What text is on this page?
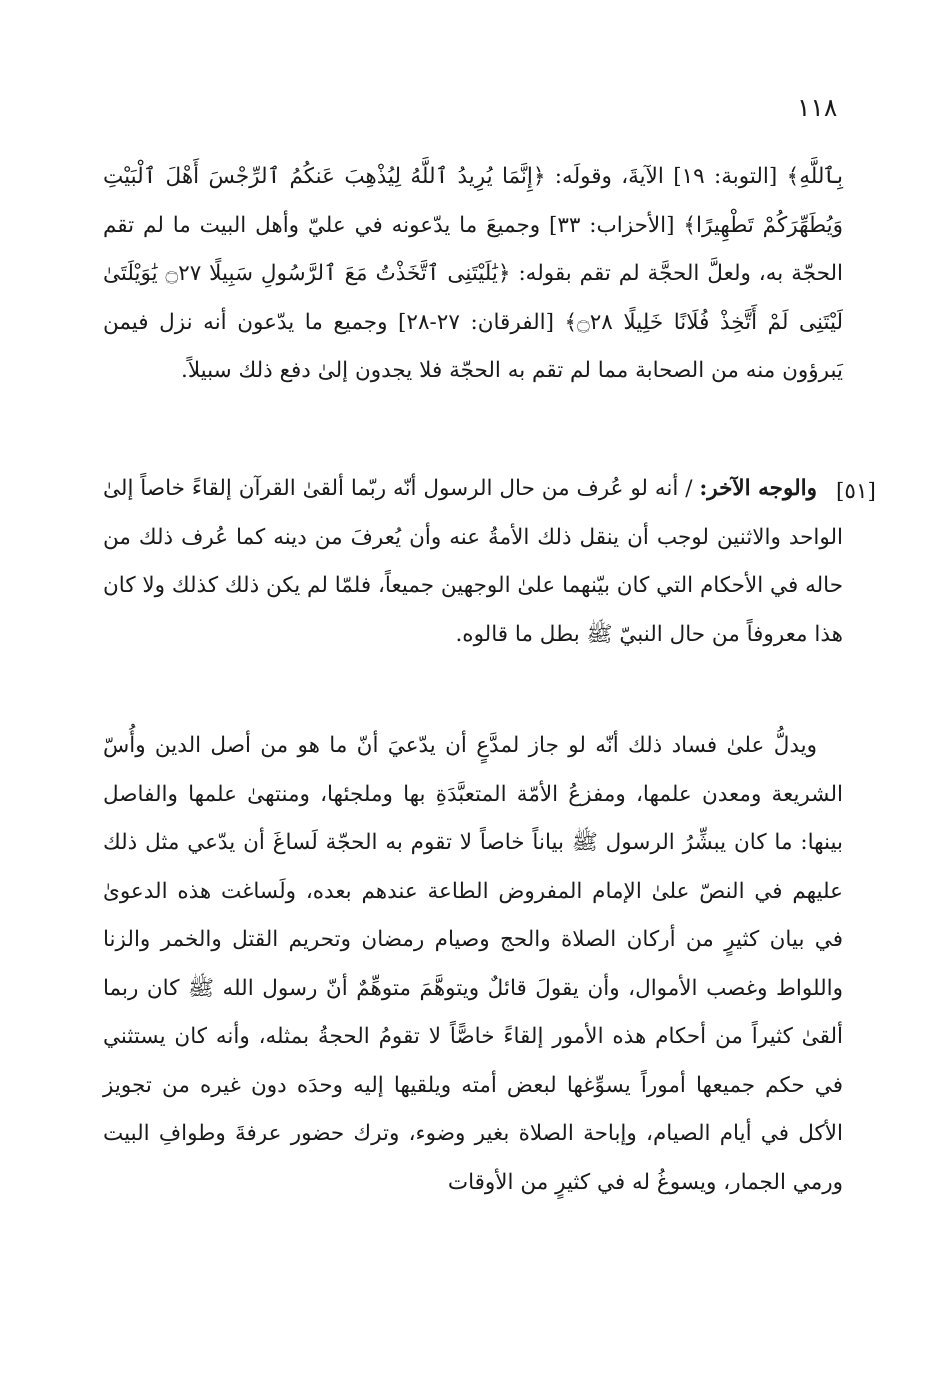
١١٨

بِٱللَّهِ﴾ [التوبة: ١٩] الآيةَ، وقولَه: ﴿إِنَّمَا يُرِيدُ ٱللَّهُ لِيُذْهِبَ عَنكُمُ ٱلرِّجْسَ أَهْلَ ٱلْبَيْتِ وَيُطَهِّرَكُمْ تَطْهِيرًا﴾ [الأحزاب: ٣٣] وجميعَ ما يدّعونه في عليّ وأهل البيت ما لم تقم الحجّة به، ولعلَّ الحجَّة لم تقم بقوله: ﴿يَٰلَيْتَنِى ٱتَّخَذْتُ مَعَ ٱلرَّسُولِ سَبِيلًا ۝٢٧ يَٰوَيْلَتَىٰ لَيْتَنِى لَمْ أَتَّخِذْ فُلَانًا خَلِيلًا ۝٢٨﴾ [الفرقان: ٢٧-٢٨] وجميع ما يدّعون أنه نزل فيمن يَبرؤون منه من الصحابة مما لم تقم به الحجّة فلا يجدون إلىٰ دفع ذلك سبيلاً.

[٥١]

والوجه الآخر: / أنه لو عُرف من حال الرسول أنّه ربّما ألقىٰ القرآن إلقاءً خاصاً إلىٰ الواحد والاثنين لوجب أن ينقل ذلك الأمةُ عنه وأن يُعرفَ من دينه كما عُرف ذلك من حاله في الأحكام التي كان بيّنهما علىٰ الوجهين جميعاً، فلمّا لم يكن ذلك كذلك ولا كان هذا معروفاً من حال النبيّ ﷺ بطل ما قالوه.

ويدلُّ علىٰ فساد ذلك أنّه لو جاز لمدَّعٍ أن يدّعيَ أنّ ما هو من أصل الدين وأُسّ الشريعة ومعدن علمها، ومفزعُ الأمّة المتعبَّدَةِ بها وملجئها، ومنتهىٰ علمها والفاصل بينها: ما كان يبشِّرُ الرسول ﷺ بياناً خاصاً لا تقوم به الحجّة لَساغَ أن يدّعي مثل ذلك عليهم في النصّ علىٰ الإمام المفروض الطاعة عندهم بعده، ولَساغت هذه الدعوىٰ في بيان كثيرٍ من أركان الصلاة والحج وصيام رمضان وتحريم القتل والخمر والزنا واللواط وغصب الأموال، وأن يقولَ قائلٌ ويتوهَّمَ متوهِّمٌ أنّ رسول الله ﷺ كان ربما ألقىٰ كثيراً من أحكام هذه الأمور إلقاءً خاصًّاً لا تقومُ الحجةُ بمثله، وأنه كان يستثني في حكم جميعها أموراً يسوِّغها لبعض أمته ويلقيها إليه وحدَه دون غيره من تجويز الأكل في أيام الصيام، وإباحة الصلاة بغير وضوء، وترك حضور عرفةَ وطوافِ البيت ورمي الجمار، ويسوغُ له في كثيرٍ من الأوقات
